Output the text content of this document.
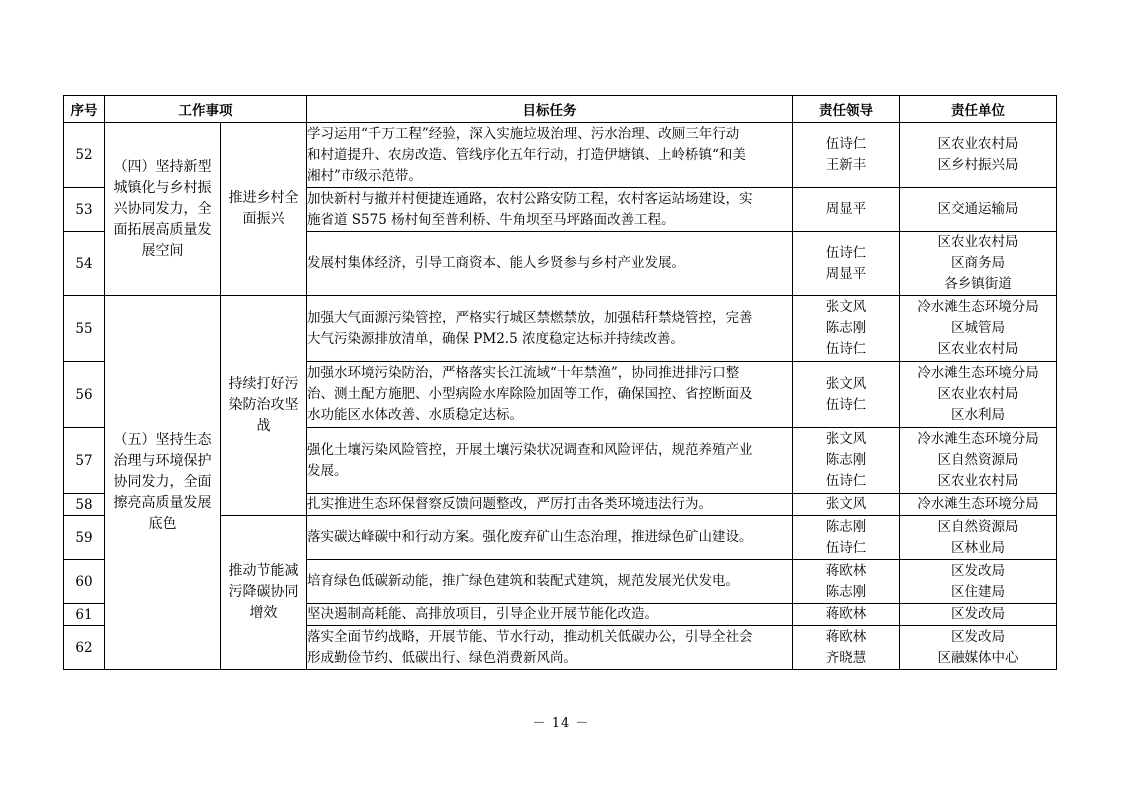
序号	工作事项		目标任务	责任领导	责任单位
52	（四）坚持新型
城镇化与乡村振
兴协同发力，全
面拓展高质量发
展空间	推进乡村全
面振兴	学习运用“千万工程”经验，深入实施垃圾治理、污水治理、改厕三年行动
和村道提升、农房改造、管线序化五年行动，打造伊塘镇、上岭桥镇“和美
湘村”市级示范带。	伍诗仁
王新丰	区农业农村局
区乡村振兴局

53			加快新村与撤并村便捷连通路，农村公路安防工程，农村客运站场建设，实
施省道 S575 杨村甸至普利桥、牛角坝至马坪路面改善工程。	周显平	区交通运输局

54			发展村集体经济，引导工商资本、能人乡贤参与乡村产业发展。	伍诗仁
周显平	区农业农村局
区商务局
各乡镇街道

55	（五）坚持生态
治理与环境保护
协同发力，全面
擦亮高质量发展
底色	持续打好污
染防治攻坚
战	加强大气面源污染管控，严格实行城区禁燃禁放，加强秸秆禁烧管控，完善
大气污染源排放清单，确保 PM2.5 浓度稳定达标并持续改善。	张文风
陈志刚
伍诗仁	冷水滩生态环境分局
区城管局
区农业农村局

56			加强水环境污染防治，严格落实长江流域“十年禁渔”，协同推进排污口整
治、测土配方施肥、小型病险水库除险加固等工作，确保国控、省控断面及
水功能区水体改善、水质稳定达标。	张文风
伍诗仁	冷水滩生态环境分局
区农业农村局
区水利局

57			强化土壤污染风险管控，开展土壤污染状况调查和风险评估，规范养殖产业
发展。	张文风
陈志刚
伍诗仁	冷水滩生态环境分局
区自然资源局
区农业农村局

58			扎实推进生态环保督察反馈问题整改，严厉打击各类环境违法行为。	张文风	冷水滩生态环境分局

59		推动节能减
污降碳协同
增效	落实碳达峰碳中和行动方案。强化废弃矿山生态治理，推进绿色矿山建设。	陈志刚
伍诗仁	区自然资源局
区林业局

60			培育绿色低碳新动能，推广绿色建筑和装配式建筑，规范发展光伏发电。	蒋欧林
陈志刚	区发改局
区住建局

61			坚决遏制高耗能、高排放项目，引导企业开展节能化改造。	蒋欧林	区发改局

62			落实全面节约战略，开展节能、节水行动，推动机关低碳办公，引导全社会
形成勤俭节约、低碳出行、绿色消费新风尚。	蒋欧林
齐晓慧	区发改局
区融媒体中心
－ 14 －
